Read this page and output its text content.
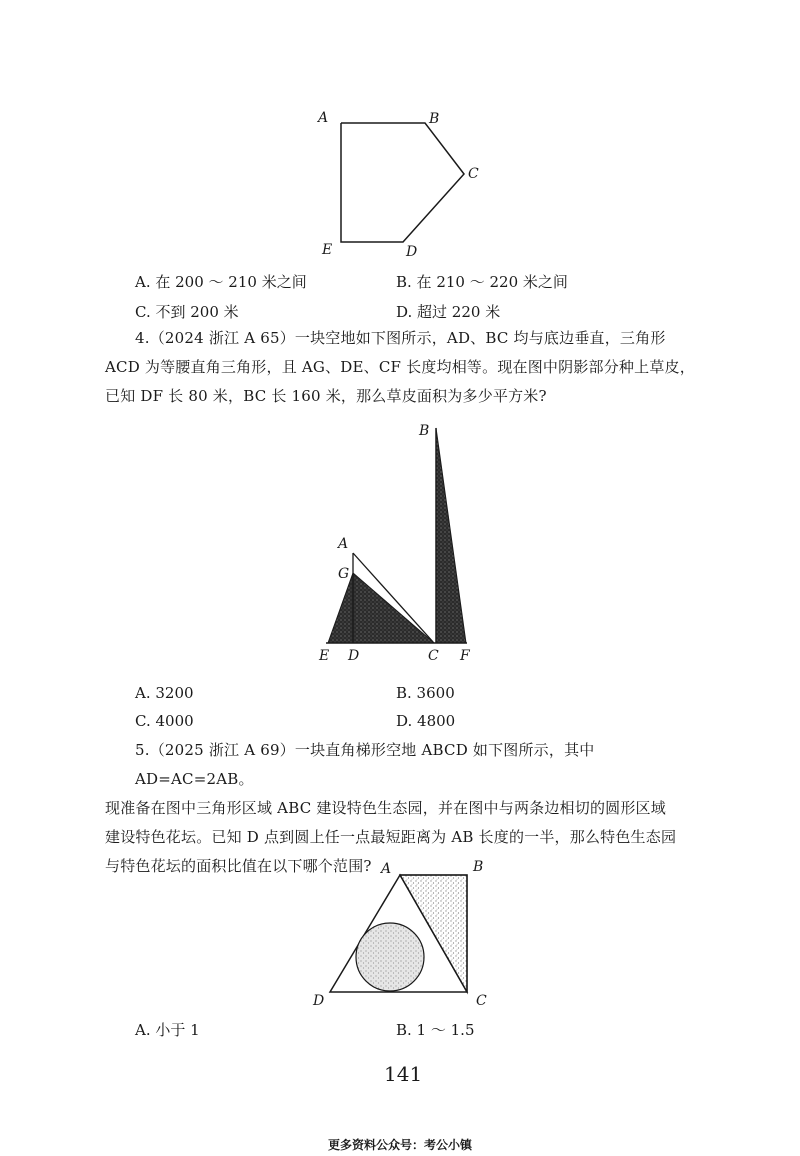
A	B
C
D
E
A. 在 200 ～ 210 米之间	B. 在 210 ～ 220 米之间
C. 不到 200 米	D. 超过 220 米
4.（2024 浙江 A 65）一块空地如下图所示，AD、BC 均与底边垂直，三角形
ACD 为等腰直角三角形，且 AG、DE、CF 长度均相等。现在图中阴影部分种上草皮，
已知 DF 长 80 米，BC 长 160 米，那么草皮面积为多少平方米?
B
A
G
E D	C F
A. 3200	B. 3600
C. 4000	D. 4800
5.（2025 浙江 A 69）一块直角梯形空地 ABCD 如下图所示，其中 AD=AC=2AB。
现准备在图中三角形区域 ABC 建设特色生态园，并在图中与两条边相切的圆形区域
建设特色花坛。已知 D 点到圆上任一点最短距离为 AB 长度的一半，那么特色生态园
与特色花坛的面积比值在以下哪个范围? A	B
C
D
A. 小于 1	B. 1 ～ 1.5
141
更多资料公众号：考公小镇
